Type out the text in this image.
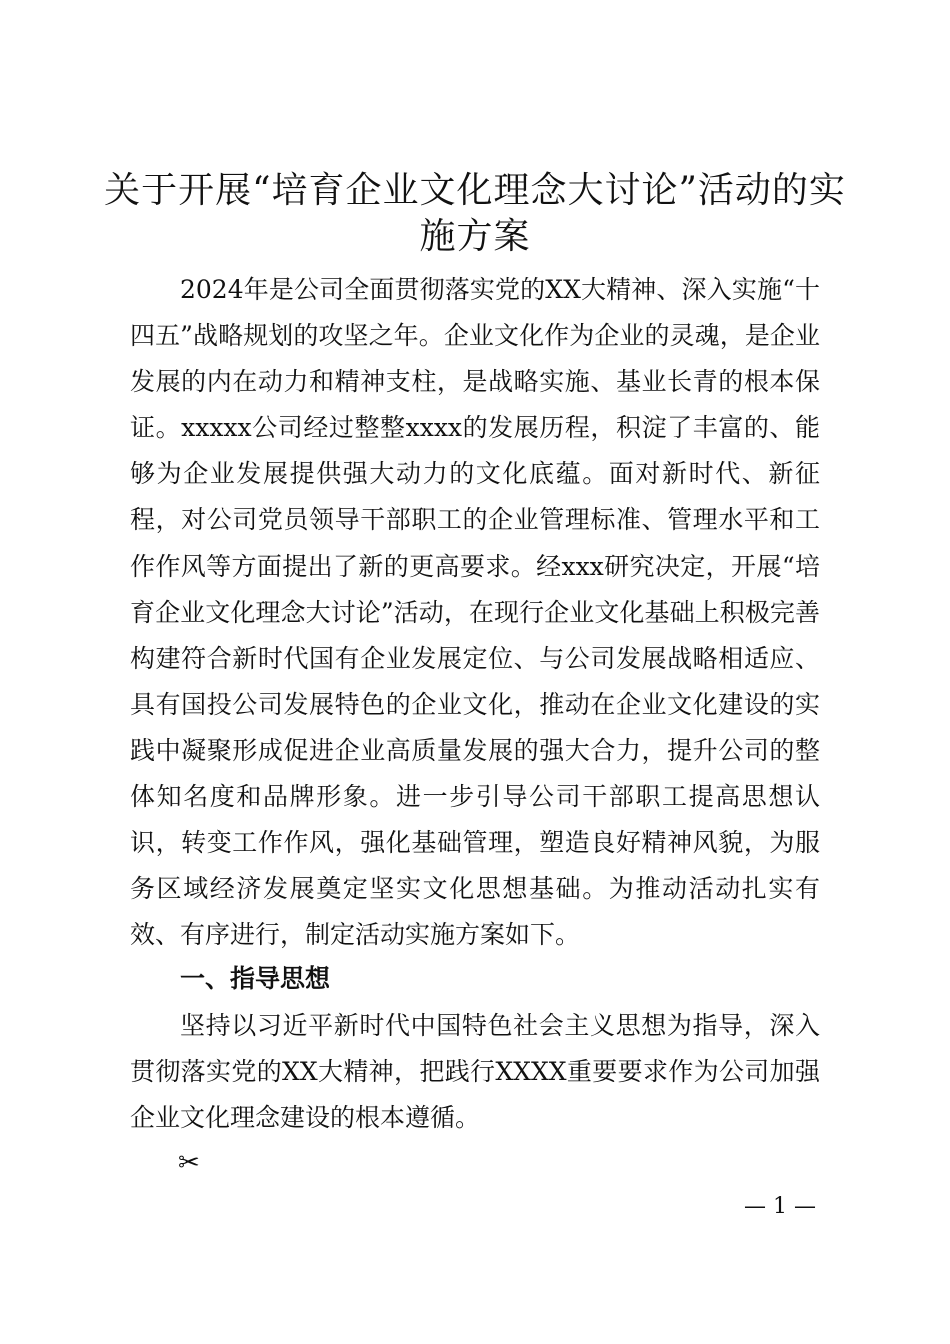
关于开展“培育企业文化理念大讨论”活动的实施方案

2024年是公司全面贯彻落实党的XX大精神、深入实施“十四五”战略规划的攻坚之年。企业文化作为企业的灵魂，是企业发展的内在动力和精神支柱，是战略实施、基业长青的根本保证。xxxxx公司经过整整xxxx的发展历程，积淀了丰富的、能够为企业发展提供强大动力的文化底蕴。面对新时代、新征程，对公司党员领导干部职工的企业管理标准、管理水平和工作作风等方面提出了新的更高要求。经xxx研究决定，开展“培育企业文化理念大讨论”活动，在现行企业文化基础上积极完善构建符合新时代国有企业发展定位、与公司发展战略相适应、具有国投公司发展特色的企业文化，推动在企业文化建设的实践中凝聚形成促进企业高质量发展的强大合力，提升公司的整体知名度和品牌形象。进一步引导公司干部职工提高思想认识，转变工作作风，强化基础管理，塑造良好精神风貌，为服务区域经济发展奠定坚实文化思想基础。为推动活动扎实有效、有序进行，制定活动实施方案如下。

一、指导思想

坚持以习近平新时代中国特色社会主义思想为指导，深入贯彻落实党的XX大精神，把践行XXXX重要要求作为公司加强企业文化理念建设的根本遵循。

✂
— 1 —
